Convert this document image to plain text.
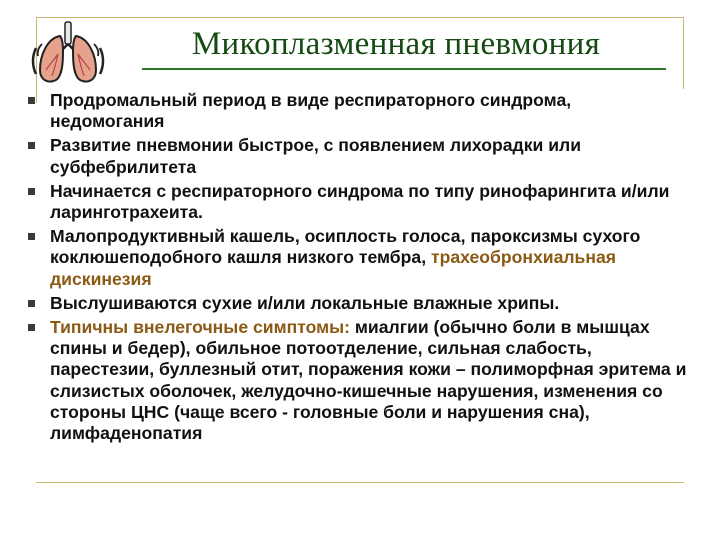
Микоплазменная пневмония
Продромальный период в виде респираторного синдрома, недомогания
Развитие пневмонии быстрое, с появлением лихорадки или субфебрилитета
Начинается с респираторного синдрома по типу ринофарингита и/или ларинготрахеита.
Малопродуктивный кашель, осиплость голоса, пароксизмы сухого коклюшеподобного кашля низкого тембра, трахеобронхиальная дискинезия
Выслушиваются сухие и/или локальные влажные хрипы.
Типичны внелегочные симптомы: миалгии (обычно боли в мышцах спины и бедер), обильное потоотделение, сильная слабость, парестезии, буллезный отит, поражения кожи – полиморфная эритема и слизистых оболочек, желудочно-кишечные нарушения, изменения со стороны ЦНС (чаще всего - головные боли и нарушения сна), лимфаденопатия
